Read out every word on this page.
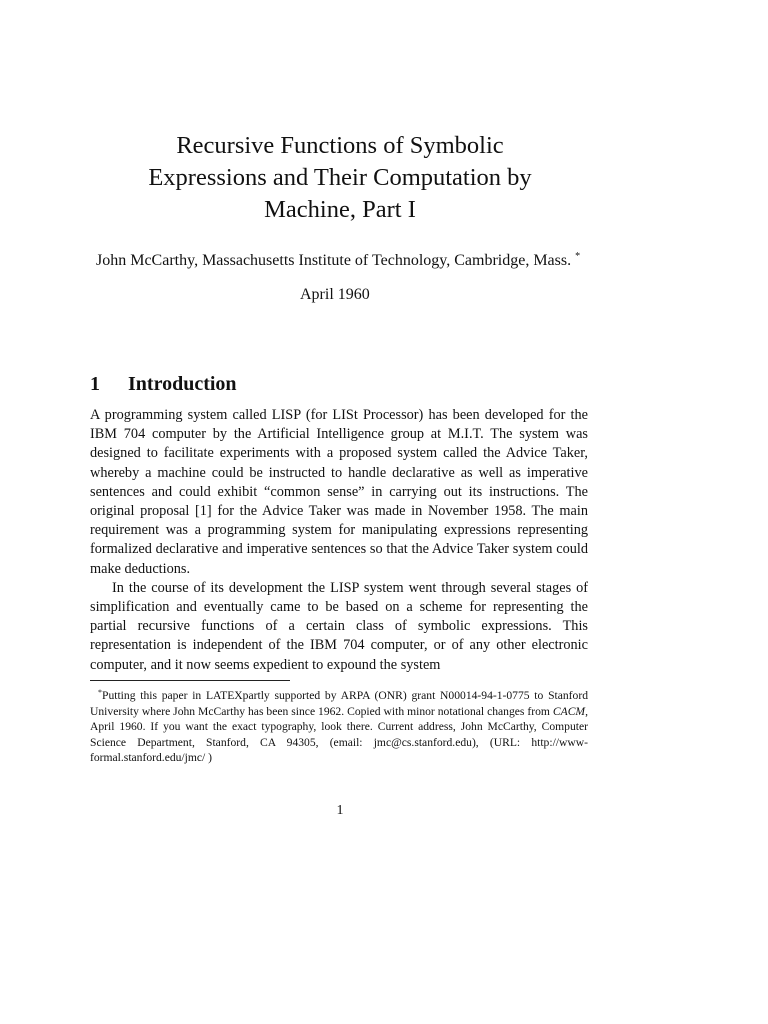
Recursive Functions of Symbolic
Expressions and Their Computation by
Machine, Part I

John McCarthy, Massachusetts Institute of Technology, Cambridge, Mass. *

April 1960

1 Introduction

A programming system called LISP (for LISt Processor) has been developed for the IBM 704 computer by the Artificial Intelligence group at M.I.T. The system was designed to facilitate experiments with a proposed system called the Advice Taker, whereby a machine could be instructed to handle declarative as well as imperative sentences and could exhibit “common sense” in carrying out its instructions. The original proposal [1] for the Advice Taker was made in November 1958. The main requirement was a programming system for manipulating expressions representing formalized declarative and imperative sentences so that the Advice Taker system could make deductions.

In the course of its development the LISP system went through several stages of simplification and eventually came to be based on a scheme for representing the partial recursive functions of a certain class of symbolic expressions. This representation is independent of the IBM 704 computer, or of any other electronic computer, and it now seems expedient to expound the system

*Putting this paper in LATEXpartly supported by ARPA (ONR) grant N00014-94-1-0775 to Stanford University where John McCarthy has been since 1962. Copied with minor notational changes from CACM, April 1960. If you want the exact typography, look there. Current address, John McCarthy, Computer Science Department, Stanford, CA 94305, (email: jmc@cs.stanford.edu), (URL: http://www-formal.stanford.edu/jmc/ )

1
